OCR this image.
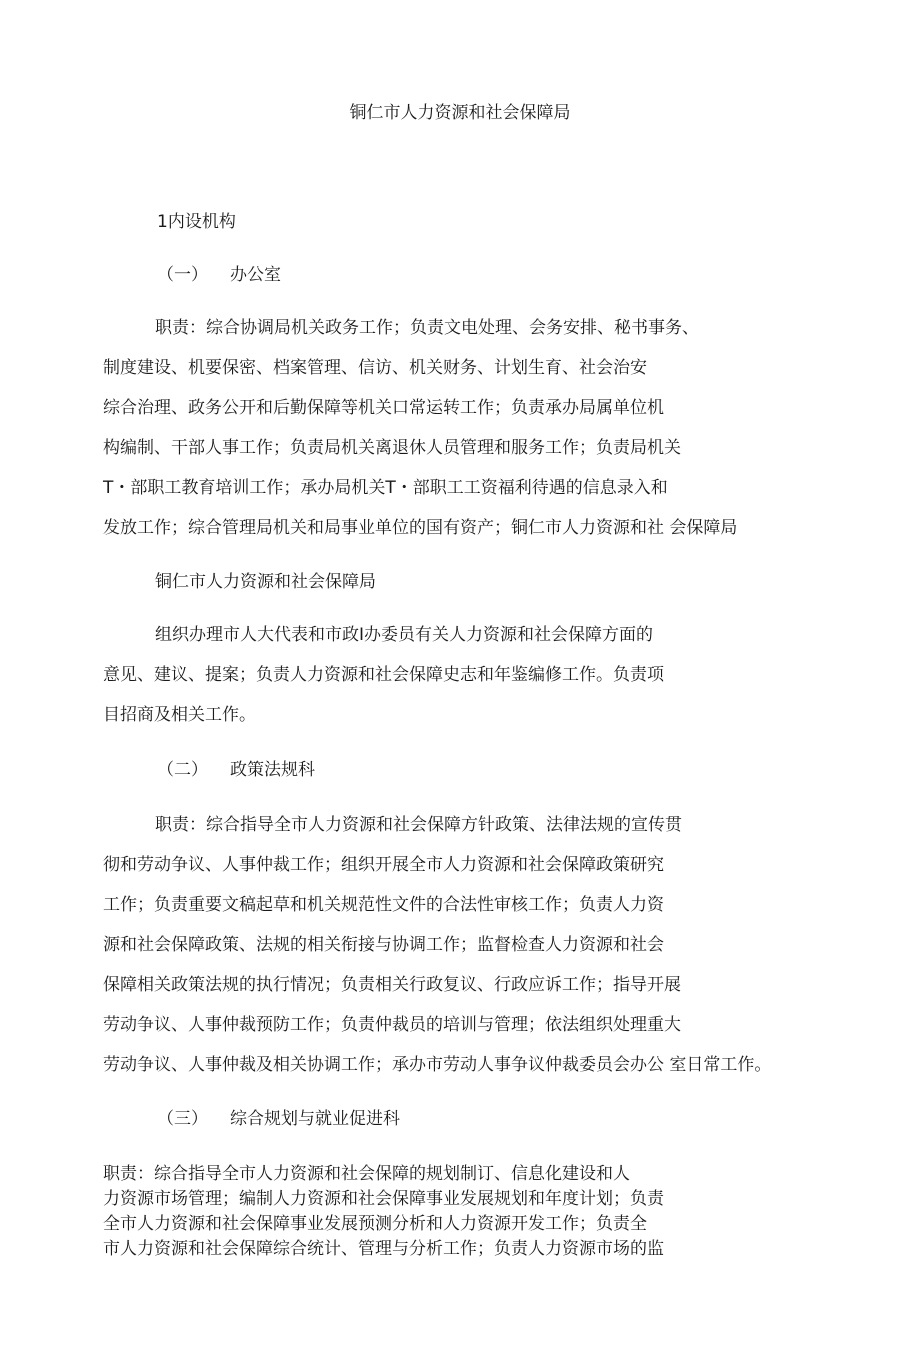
铜仁市人力资源和社会保障局
1内设机构
（一） 办公室
职责：综合协调局机关政务工作；负责文电处理、会务安排、秘书事务、
制度建设、机要保密、档案管理、信访、机关财务、计划生育、社会治安
综合治理、政务公开和后勤保障等机关口常运转工作；负责承办局属单位机
构编制、干部人事工作；负责局机关离退休人员管理和服务工作；负责局机关
T・部职工教育培训工作；承办局机关T・部职工工资福利待遇的信息录入和
发放工作；综合管理局机关和局事业单位的国有资产；铜仁市人力资源和社 会保障局
铜仁市人力资源和社会保障局
组织办理市人大代表和市政Ⅰ办委员有关人力资源和社会保障方面的
意见、建议、提案；负责人力资源和社会保障史志和年鉴编修工作。负责项
目招商及相关工作。
（二） 政策法规科
职责：综合指导全市人力资源和社会保障方针政策、法律法规的宣传贯
彻和劳动争议、人事仲裁工作；组织开展全市人力资源和社会保障政策研究
工作；负责重要文稿起草和机关规范性文件的合法性审核工作；负责人力资
源和社会保障政策、法规的相关衔接与协调工作；监督检查人力资源和社会
保障相关政策法规的执行情况；负责相关行政复议、行政应诉工作；指导开展
劳动争议、人事仲裁预防工作；负责仲裁员的培训与管理；依法组织处理重大
劳动争议、人事仲裁及相关协调工作；承办市劳动人事争议仲裁委员会办公 室日常工作。
（三） 综合规划与就业促进科
职责：综合指导全市人力资源和社会保障的规划制订、信息化建设和人
力资源市场管理；编制人力资源和社会保障事业发展规划和年度计划；负责
全市人力资源和社会保障事业发展预测分析和人力资源开发工作；负责全
市人力资源和社会保障综合统计、管理与分析工作；负责人力资源市场的监
